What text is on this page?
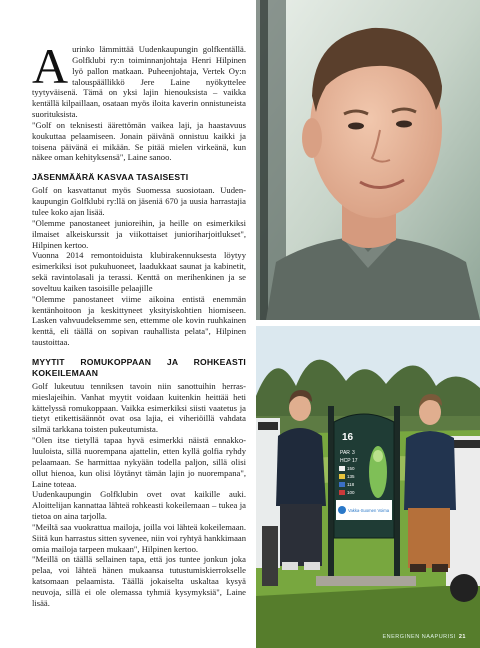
Aurinko lämmittää Uudenkaupungin golfkentällä. Golfklubi ry:n toiminnanjohtaja Henri Hilpinen lyö pallon matkaan. Puheenjohtaja, Vertek Oy:n talouspäällikkö Jere Laine nyökyttelee tyytyväisenä. Tämä on yksi lajin hienouksista – vaikka kentällä kilpaillaan, osataan myös iloita kaverin onnistuneista suorituksista.

"Golf on teknisesti äärettömän vaikea laji, ja haastavuus koukuttaa pelaamiseen. Jonain päivänä onnistuu kaikki ja toisena päivänä ei mikään. Se pitää mielen virkeänä, kun näkee oman kehityksensä", Laine sanoo.

JÄSENMÄÄRÄ KASVAA TASAISESTI

Golf on kasvattanut myös Suomessa suosiotaan. Uudenkaupungin Golfklubi ry:llä on jäseniä 670 ja uusia harrastajia tulee koko ajan lisää.

"Olemme panostaneet junioreihin, ja heille on esimerkiksi ilmaiset alkeiskurssit ja viikottaiset junioriharjoitlukset", Hilpinen kertoo.

Vuonna 2014 remontoiduista klubirakennuksesta löytyy esimerkiksi isot pukuhuoneet, laadukkaat saunat ja kabinetit, sekä ravintolasali ja terassi. Kenttä on merihenkinen ja se soveltuu kaiken tasoisille pelaajille

"Olemme panostaneet viime aikoina entistä enemmän kentänhoitoon ja keskittyneet yksityiskohtien hiomiseen. Lasken vahvuudeksemme sen, ettemme ole kovin ruuhkainen kenttä, eli täällä on sopivan rauhallista pelata", Hilpinen taustoittaa.

MYYTIT ROMUKOPPAAN JA ROHKEASTI KOKEILEMAAN

Golf lukeutuu tenniksen tavoin niin sanottuihin herrasmieslajeihin. Vanhat myytit voidaan kuitenkin heittää heti kättelyssä romukoppaan. Vaikka esimerkiksi siisti vaatetus ja tietyt etikettisäännöt ovat osa lajia, ei viheriöillä vahdata silmä tarkkana toisten pukeutumista.

"Olen itse tietyllä tapaa hyvä esimerkki näistä ennakkoluuloista, sillä nuorempana ajattelin, etten kyllä golfia ryhdy pelaamaan. Se harmittaa nykyään todella paljon, sillä olisi ollut hienoa, kun olisi löytänyt tämän lajin jo nuorempana", Laine toteaa.

Uudenkaupungin Golfklubin ovet ovat kaikille auki. Aloittelijan kannattaa lähteä rohkeasti kokeilemaan – tukea ja tietoa on aina tarjolla.

"Meiltä saa vuokrattua mailoja, joilla voi lähteä kokeilemaan. Siitä kun harrastus sitten syvenee, niin voi ryhtyä hankkimaan omia mailoja tarpeen mukaan", Hilpinen kertoo.

"Meillä on täällä sellainen tapa, että jos tuntee jonkun joka pelaa, voi lähteä hänen mukaansa tutustumiskierrokselle katsomaan pelaamista. Täällä jokaiselta uskaltaa kysyä neuvoja, sillä ei ole olemassa tyhmiä kysymyksiä", Laine lisää.

16
PAR 3
HCP 17
150
135
118
100
Vakka-Suomen Voima
ENERGINEN NAAPURISI 21
